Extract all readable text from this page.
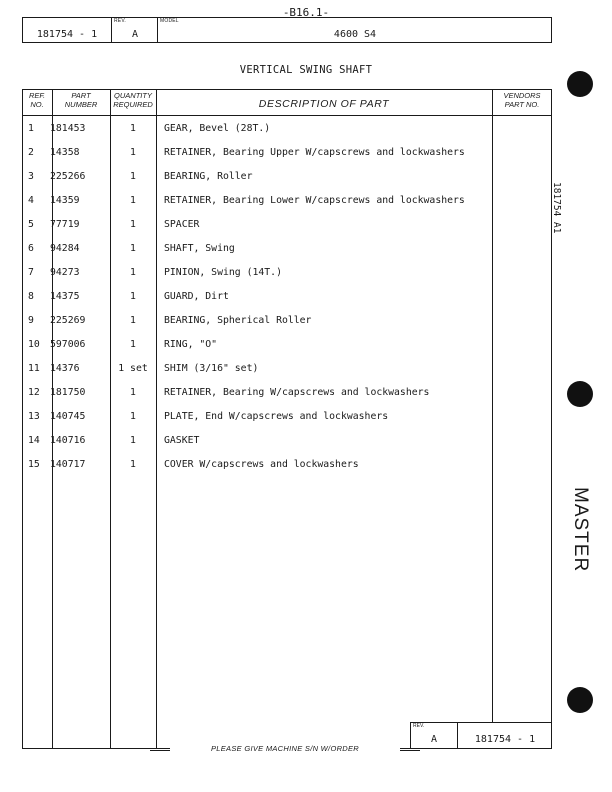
-B16.1-
181754 - 1
REV.
A
MODEL
4600 S4
VERTICAL SWING SHAFT
REF.
NO.
PART
NUMBER
QUANTITY
REQUIRED	DESCRIPTION OF PART
VENDORS
PART NO.
1 181453	1	GEAR, Bevel (28T.)
2 14358	1	RETAINER, Bearing Upper W/capscrews and lockwashers
3 225266	1	BEARING, Roller
4 14359	1	RETAINER, Bearing Lower W/capscrews and lockwashers
5 77719	1	SPACER
6 94284	1	SHAFT, Swing
7 94273	1	PINION, Swing (14T.)
8 14375	1	GUARD, Dirt
9 225269	1	BEARING, Spherical Roller
10 597006	1	RING, "O"
11 14376	1 set	SHIM (3/16" set)
12 181750	1	RETAINER, Bearing W/capscrews and lockwashers
13 140745	1	PLATE, End W/capscrews and lockwashers
14 140716	1	GASKET
15 140717	1	COVER W/capscrews and lockwashers
REV.
A	181754 - 1
PLEASE GIVE MACHINE S/N W/ORDER
181754 A1
MASTER
